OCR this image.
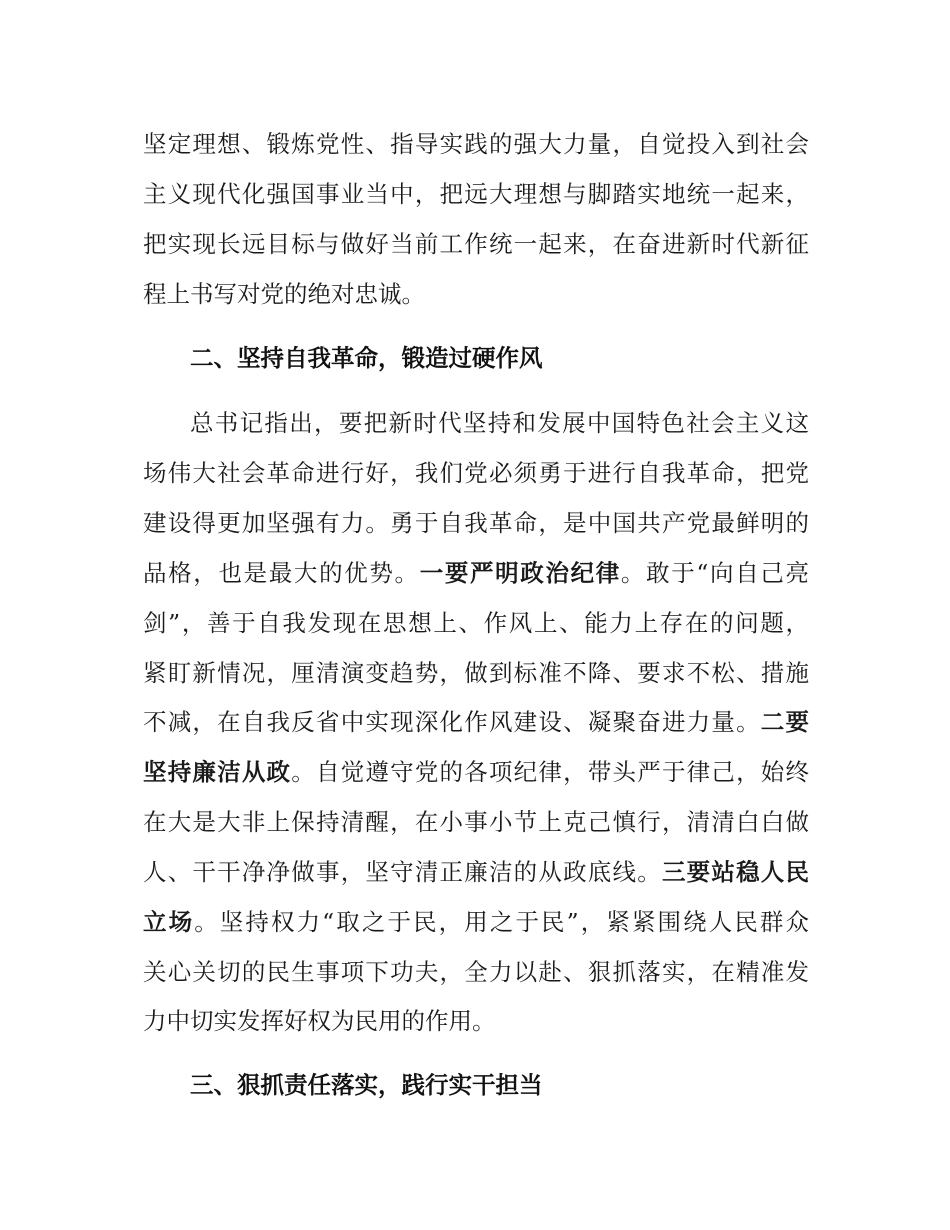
坚定理想、锻炼党性、指导实践的强大力量，自觉投入到社会
主义现代化强国事业当中，把远大理想与脚踏实地统一起来，
把实现长远目标与做好当前工作统一起来，在奋进新时代新征
程上书写对党的绝对忠诚。
二、坚持自我革命，锻造过硬作风
总书记指出，要把新时代坚持和发展中国特色社会主义这
场伟大社会革命进行好，我们党必须勇于进行自我革命，把党
建设得更加坚强有力。勇于自我革命，是中国共产党最鲜明的
品格，也是最大的优势。一要严明政治纪律。敢于“向自己亮
剑”，善于自我发现在思想上、作风上、能力上存在的问题，
紧盯新情况，厘清演变趋势，做到标准不降、要求不松、措施
不减，在自我反省中实现深化作风建设、凝聚奋进力量。二要
坚持廉洁从政。自觉遵守党的各项纪律，带头严于律己，始终
在大是大非上保持清醒，在小事小节上克己慎行，清清白白做
人、干干净净做事，坚守清正廉洁的从政底线。三要站稳人民
立场。坚持权力“取之于民，用之于民”，紧紧围绕人民群众
关心关切的民生事项下功夫，全力以赴、狠抓落实，在精准发
力中切实发挥好权为民用的作用。
三、狠抓责任落实，践行实干担当
